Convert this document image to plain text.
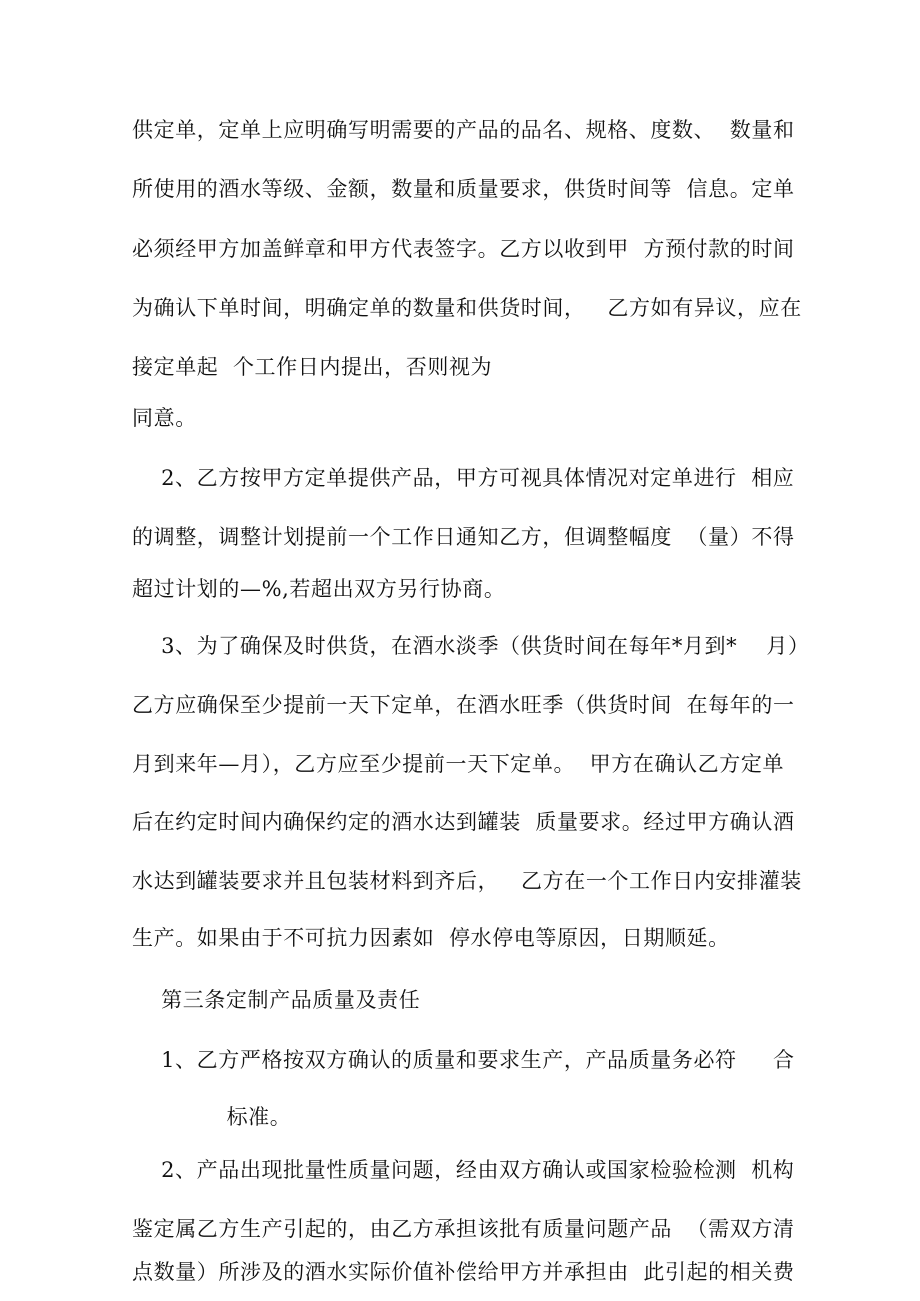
供定单，定单上应明确写明需要的产品的品名、规格、度数、  数量和
所使用的酒水等级、金额，数量和质量要求，供货时间等  信息。定单
必须经甲方加盖鲜章和甲方代表签字。乙方以收到甲  方预付款的时间
为确认下单时间，明确定单的数量和供货时间，   乙方如有异议，应在
接定单起  个工作日内提出，否则视为
同意。
2、乙方按甲方定单提供产品，甲方可视具体情况对定单进行  相应
的调整，调整计划提前一个工作日通知乙方，但调整幅度  （量）不得
超过计划的—%,若超出双方另行协商。
3、为了确保及时供货，在酒水淡季（供货时间在每年*月到*    月）
乙方应确保至少提前一天下定单，在酒水旺季（供货时间  在每年的一
月到来年—月），乙方应至少提前一天下定单。  甲方在确认乙方定单
后在约定时间内确保约定的酒水达到罐装  质量要求。经过甲方确认酒
水达到罐装要求并且包装材料到齐后，   乙方在一个工作日内安排灌装
生产。如果由于不可抗力因素如  停水停电等原因，日期顺延。
第三条定制产品质量及责任
1、乙方严格按双方确认的质量和要求生产，产品质量务必符     合
标准。
2、产品出现批量性质量问题，经由双方确认或国家检验检测  机构
鉴定属乙方生产引起的，由乙方承担该批有质量问题产品  （需双方清
点数量）所涉及的酒水实际价值补偿给甲方并承担由  此引起的相关费
